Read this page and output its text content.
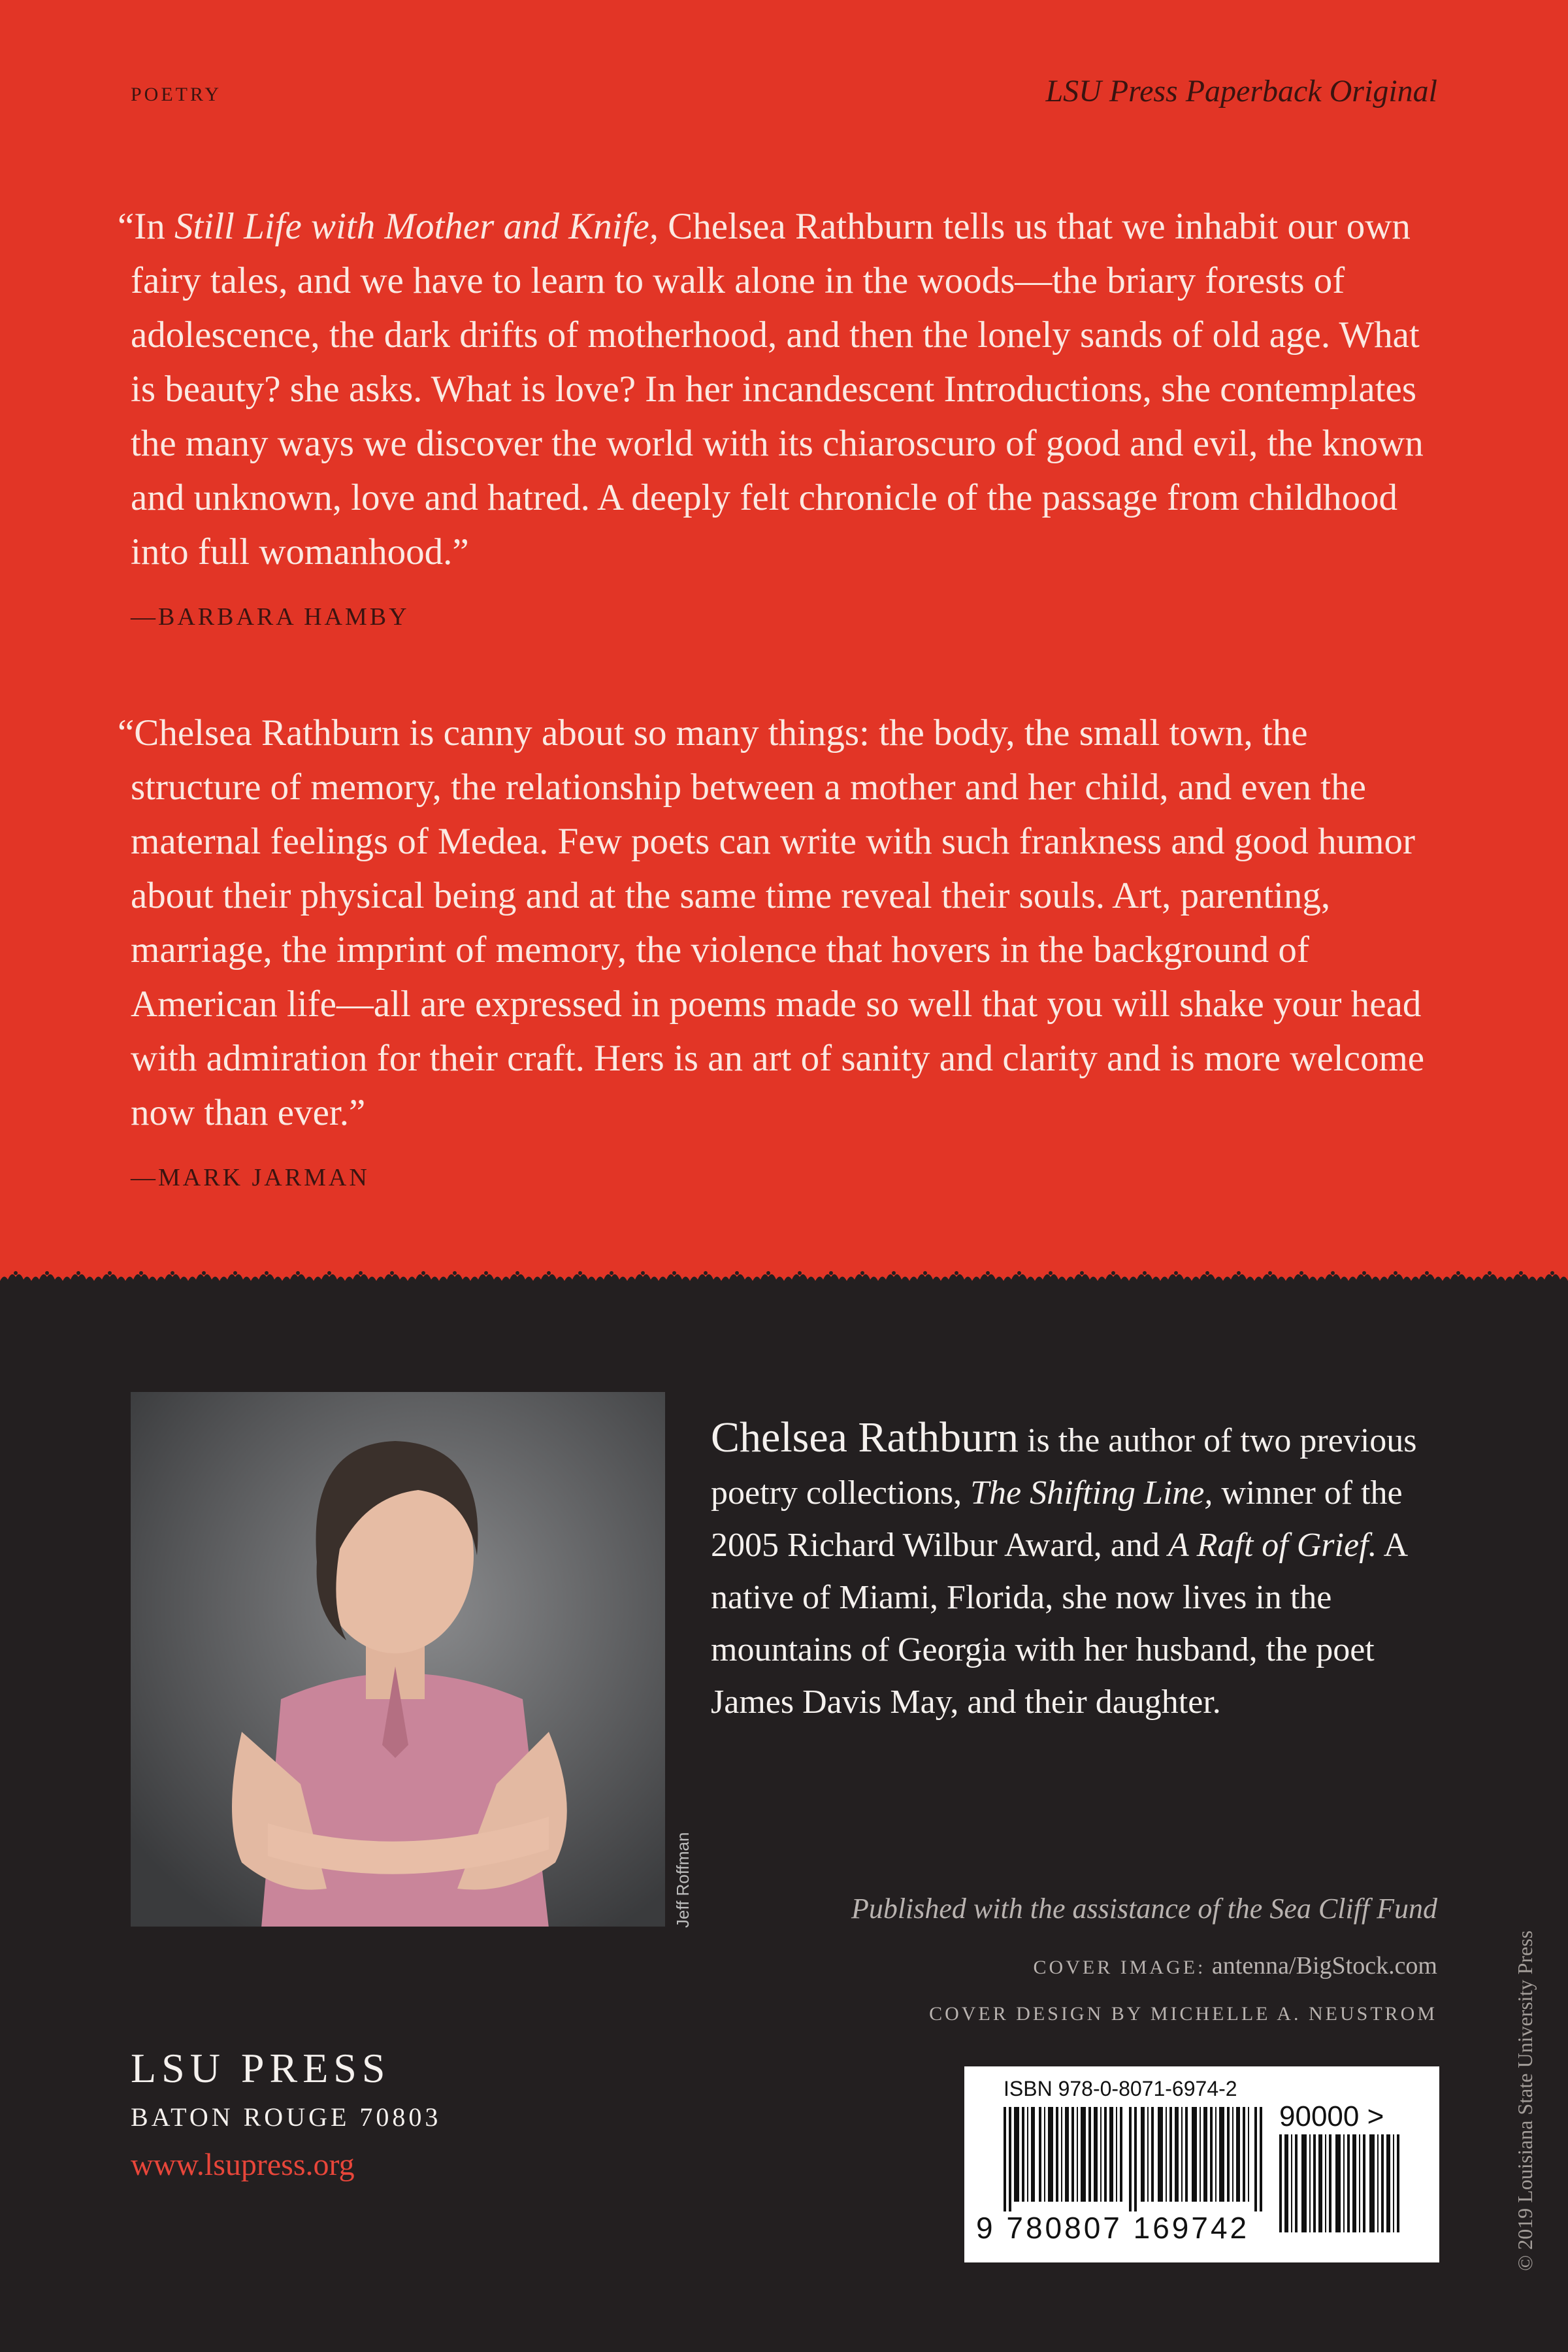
POETRY	LSU Press Paperback Original

“In Still Life with Mother and Knife, Chelsea Rathburn tells us that we inhabit our own fairy tales, and we have to learn to walk alone in the woods—the briary forests of adolescence, the dark drifts of motherhood, and then the lonely sands of old age. What is beauty? she asks. What is love? In her incandescent Introductions, she contemplates the many ways we discover the world with its chiaroscuro of good and evil, the known and unknown, love and hatred. A deeply felt chronicle of the passage from childhood into full womanhood.”

—BARBARA HAMBY

“Chelsea Rathburn is canny about so many things: the body, the small town, the structure of memory, the relationship between a mother and her child, and even the maternal feelings of Medea. Few poets can write with such frankness and good humor about their physical being and at the same time reveal their souls. Art, parenting, marriage, the imprint of memory, the violence that hovers in the background of American life—all are expressed in poems made so well that you will shake your head with admiration for their craft. Hers is an art of sanity and clarity and is more welcome now than ever.”

—MARK JARMAN
Jeff Roffman
Chelsea Rathburn is the author of two previous poetry collections, The Shifting Line, winner of the 2005 Richard Wilbur Award, and A Raft of Grief. A native of Miami, Florida, she now lives in the mountains of Georgia with her husband, the poet James Davis May, and their daughter.
Published with the assistance of the Sea Cliff Fund
COVER IMAGE: antenna/BigStock.com
COVER DESIGN BY MICHELLE A. NEUSTROM
LSU PRESS
BATON ROUGE 70803
www.lsupress.org
ISBN 978-0-8071-6974-2
90000 >
9 780807 169742	© 2019 Louisiana State University Press
